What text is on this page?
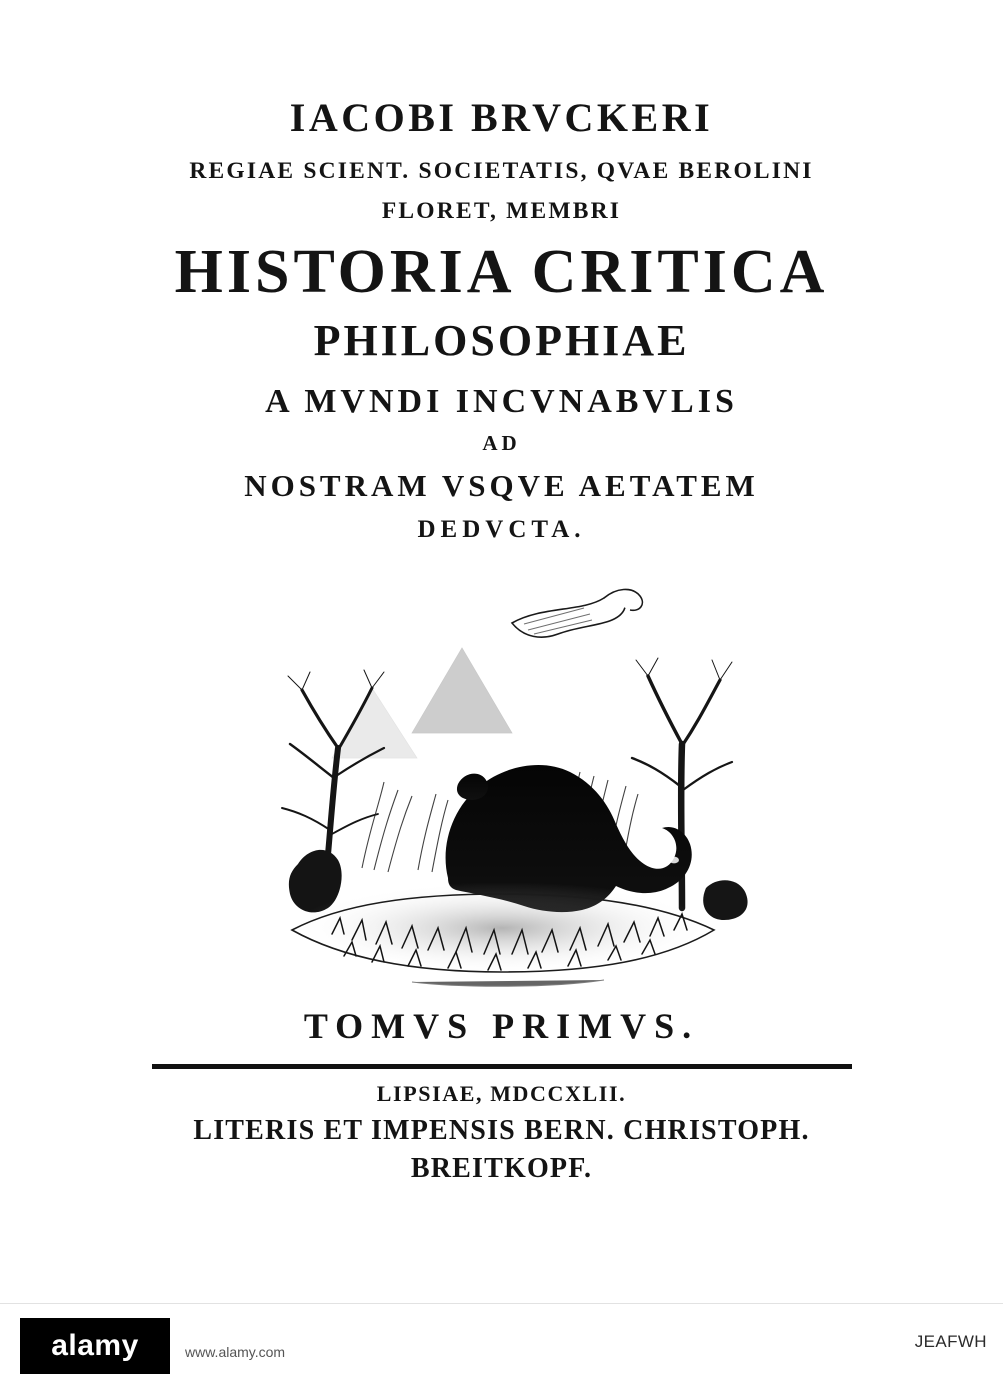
IACOBI BRVCKERI
REGIAE SCIENT. SOCIETATIS, QVAE BEROLINI
FLORET, MEMBRI
HISTORIA CRITICA
PHILOSOPHIAE
A MVNDI INCVNABVLIS
AD
NOSTRAM VSQVE AETATEM
DEDVCTA.
TOMVS PRIMVS.
LIPSIAE, MDCCXLII.
LITERIS ET IMPENSIS BERN. CHRISTOPH.
BREITKOPF.
alamy	www.alamy.com
JEAFWH
